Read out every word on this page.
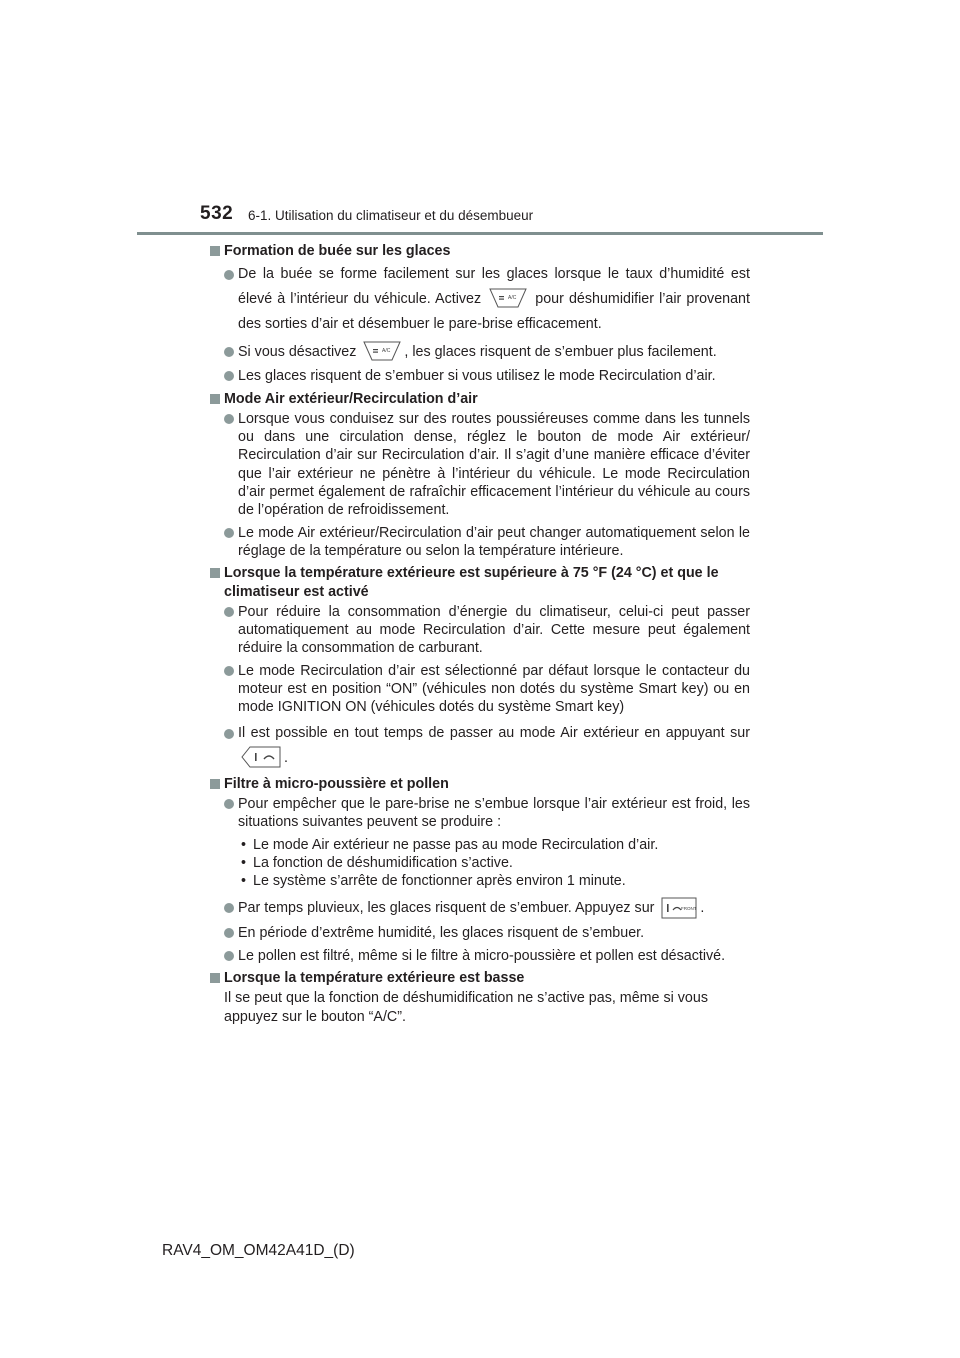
532 6-1. Utilisation du climatiseur et du désembueur
Formation de buée sur les glaces
De la buée se forme facilement sur les glaces lorsque le taux d’humidité est élevé à l’intérieur du véhicule. Activez	A/C pour déshumidifier l’air provenant des sorties d’air et désembuer le pare-brise efficacement.
Si vous désactivez	A/C , les glaces risquent de s’embuer plus facilement.
Les glaces risquent de s’embuer si vous utilisez le mode Recirculation d’air.
Mode Air extérieur/Recirculation d’air
Lorsque vous conduisez sur des routes poussiéreuses comme dans les tunnels ou dans une circulation dense, réglez le bouton de mode Air extérieur/ Recirculation d’air sur Recirculation d’air. Il s’agit d’une manière efficace d’éviter que l’air extérieur ne pénètre à l’intérieur du véhicule. Le mode Recirculation d’air permet également de rafraîchir efficacement l’intérieur du véhicule au cours de l’opération de refroidissement.
Le mode Air extérieur/Recirculation d’air peut changer automatiquement selon le réglage de la température ou selon la température intérieure.
Lorsque la température extérieure est supérieure à 75 °F (24 °C) et que le climatiseur est activé
Pour réduire la consommation d’énergie du climatiseur, celui-ci peut passer automatiquement au mode Recirculation d’air. Cette mesure peut également réduire la consommation de carburant.
Le mode Recirculation d’air est sélectionné par défaut lorsque le contacteur du moteur est en position “ON” (véhicules non dotés du système Smart key) ou en mode IGNITION ON (véhicules dotés du système Smart key)
Il est possible en tout temps de passer au mode Air extérieur en appuyant sur
.
Filtre à micro-poussière et pollen
Pour empêcher que le pare-brise ne s’embue lorsque l’air extérieur est froid, les situations suivantes peuvent se produire :
• Le mode Air extérieur ne passe pas au mode Recirculation d’air.
• La fonction de déshumidification s’active.
• Le système s’arrête de fonctionner après environ 1 minute.
Par temps pluvieux, les glaces risquent de s’embuer. Appuyez sur	FRONT .
En période d’extrême humidité, les glaces risquent de s’embuer.
Le pollen est filtré, même si le filtre à micro-poussière et pollen est désactivé.
Lorsque la température extérieure est basse
Il se peut que la fonction de déshumidification ne s’active pas, même si vous appuyez sur le bouton “A/C”.
RAV4_OM_OM42A41D_(D)
